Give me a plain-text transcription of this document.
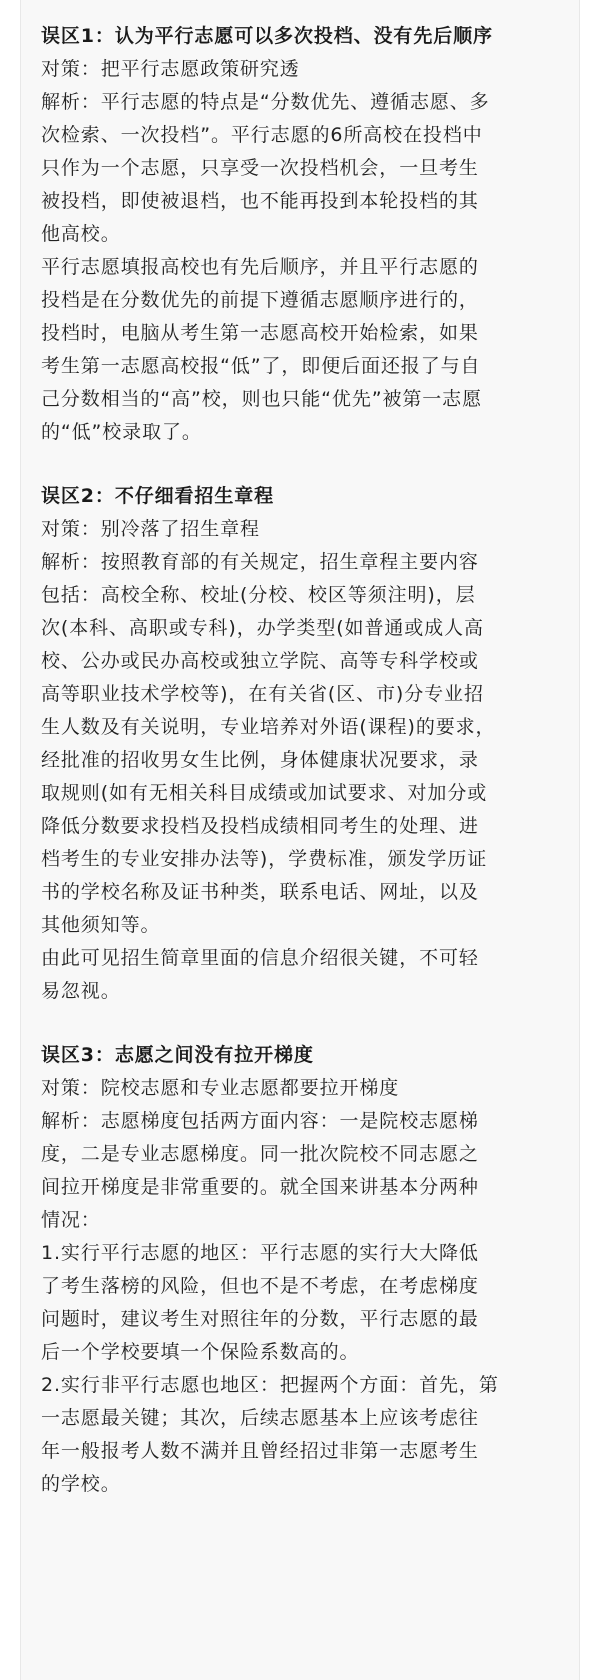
误区1：认为平行志愿可以多次投档、没有先后顺序

对策：把平行志愿政策研究透

解析：平行志愿的特点是“分数优先、遵循志愿、多

次检索、一次投档”。平行志愿的6所高校在投档中

只作为一个志愿，只享受一次投档机会，一旦考生

被投档，即使被退档，也不能再投到本轮投档的其

他高校。

平行志愿填报高校也有先后顺序，并且平行志愿的

投档是在分数优先的前提下遵循志愿顺序进行的，

投档时，电脑从考生第一志愿高校开始检索，如果

考生第一志愿高校报“低”了，即便后面还报了与自

己分数相当的“高”校，则也只能“优先”被第一志愿

的“低”校录取了。

误区2：不仔细看招生章程

对策：别冷落了招生章程

解析：按照教育部的有关规定，招生章程主要内容

包括：高校全称、校址(分校、校区等须注明)，层

次(本科、高职或专科)，办学类型(如普通或成人高

校、公办或民办高校或独立学院、高等专科学校或

高等职业技术学校等)，在有关省(区、市)分专业招

生人数及有关说明，专业培养对外语(课程)的要求，

经批准的招收男女生比例，身体健康状况要求，录

取规则(如有无相关科目成绩或加试要求、对加分或

降低分数要求投档及投档成绩相同考生的处理、进

档考生的专业安排办法等)，学费标准，颁发学历证

书的学校名称及证书种类，联系电话、网址，以及

其他须知等。

由此可见招生简章里面的信息介绍很关键，不可轻

易忽视。

误区3：志愿之间没有拉开梯度

对策：院校志愿和专业志愿都要拉开梯度

解析：志愿梯度包括两方面内容：一是院校志愿梯

度，二是专业志愿梯度。同一批次院校不同志愿之

间拉开梯度是非常重要的。就全国来讲基本分两种

情况：

1.实行平行志愿的地区：平行志愿的实行大大降低

了考生落榜的风险，但也不是不考虑，在考虑梯度

问题时，建议考生对照往年的分数，平行志愿的最

后一个学校要填一个保险系数高的。

2.实行非平行志愿也地区：把握两个方面：首先，第

一志愿最关键；其次，后续志愿基本上应该考虑往

年一般报考人数不满并且曾经招过非第一志愿考生

的学校。
